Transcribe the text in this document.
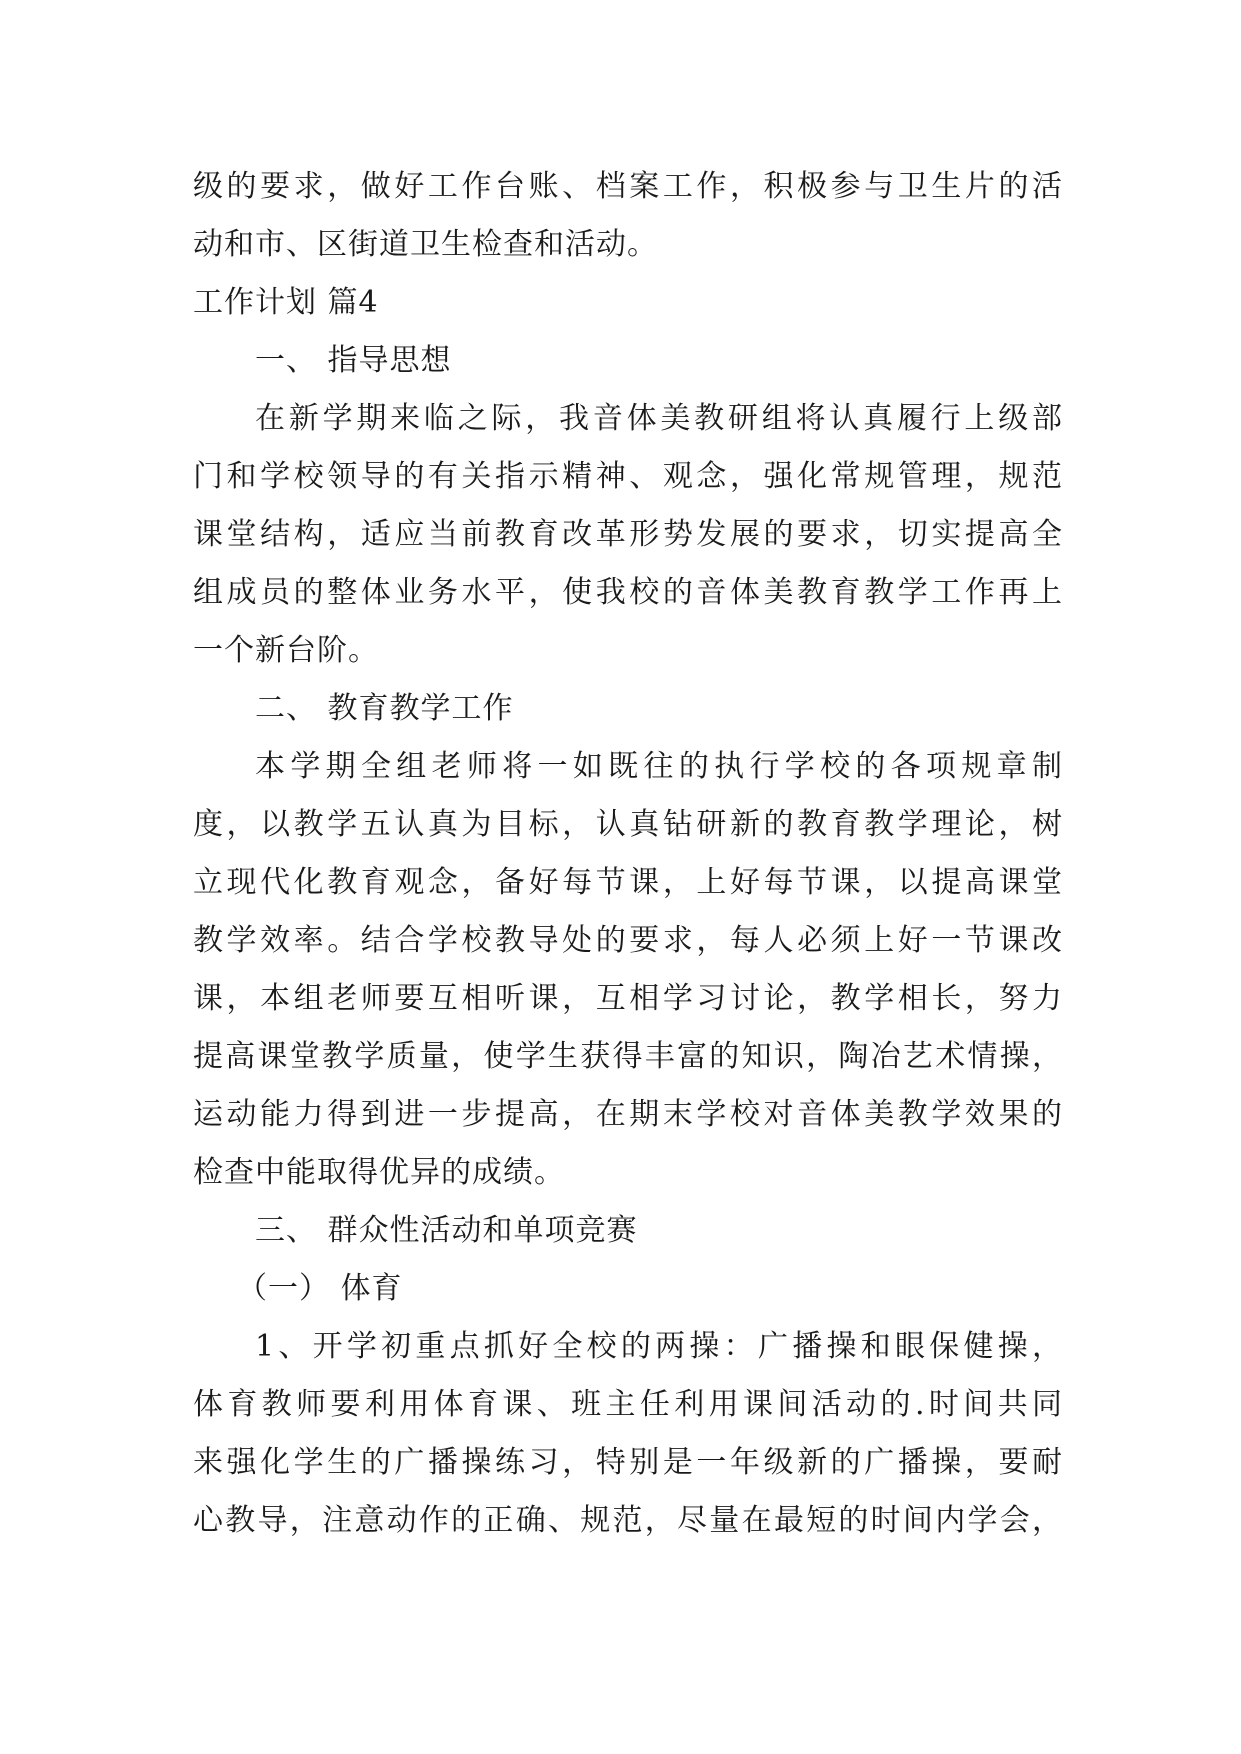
级的要求，做好工作台账、档案工作，积极参与卫生片的活
动和市、区街道卫生检查和活动。
工作计划 篇4
一、 指导思想
在新学期来临之际，我音体美教研组将认真履行上级部
门和学校领导的有关指示精神、观念，强化常规管理，规范
课堂结构，适应当前教育改革形势发展的要求，切实提高全
组成员的整体业务水平，使我校的音体美教育教学工作再上
一个新台阶。
二、 教育教学工作
本学期全组老师将一如既往的执行学校的各项规章制
度，以教学五认真为目标，认真钻研新的教育教学理论，树
立现代化教育观念，备好每节课，上好每节课，以提高课堂
教学效率。结合学校教导处的要求，每人必须上好一节课改
课，本组老师要互相听课，互相学习讨论，教学相长，努力
提高课堂教学质量，使学生获得丰富的知识，陶冶艺术情操，
运动能力得到进一步提高，在期末学校对音体美教学效果的
检查中能取得优异的成绩。
三、 群众性活动和单项竞赛
（一） 体育
1、开学初重点抓好全校的两操：广播操和眼保健操，
体育教师要利用体育课、班主任利用课间活动的.时间共同
来强化学生的广播操练习，特别是一年级新的广播操，要耐
心教导，注意动作的正确、规范，尽量在最短的时间内学会，
